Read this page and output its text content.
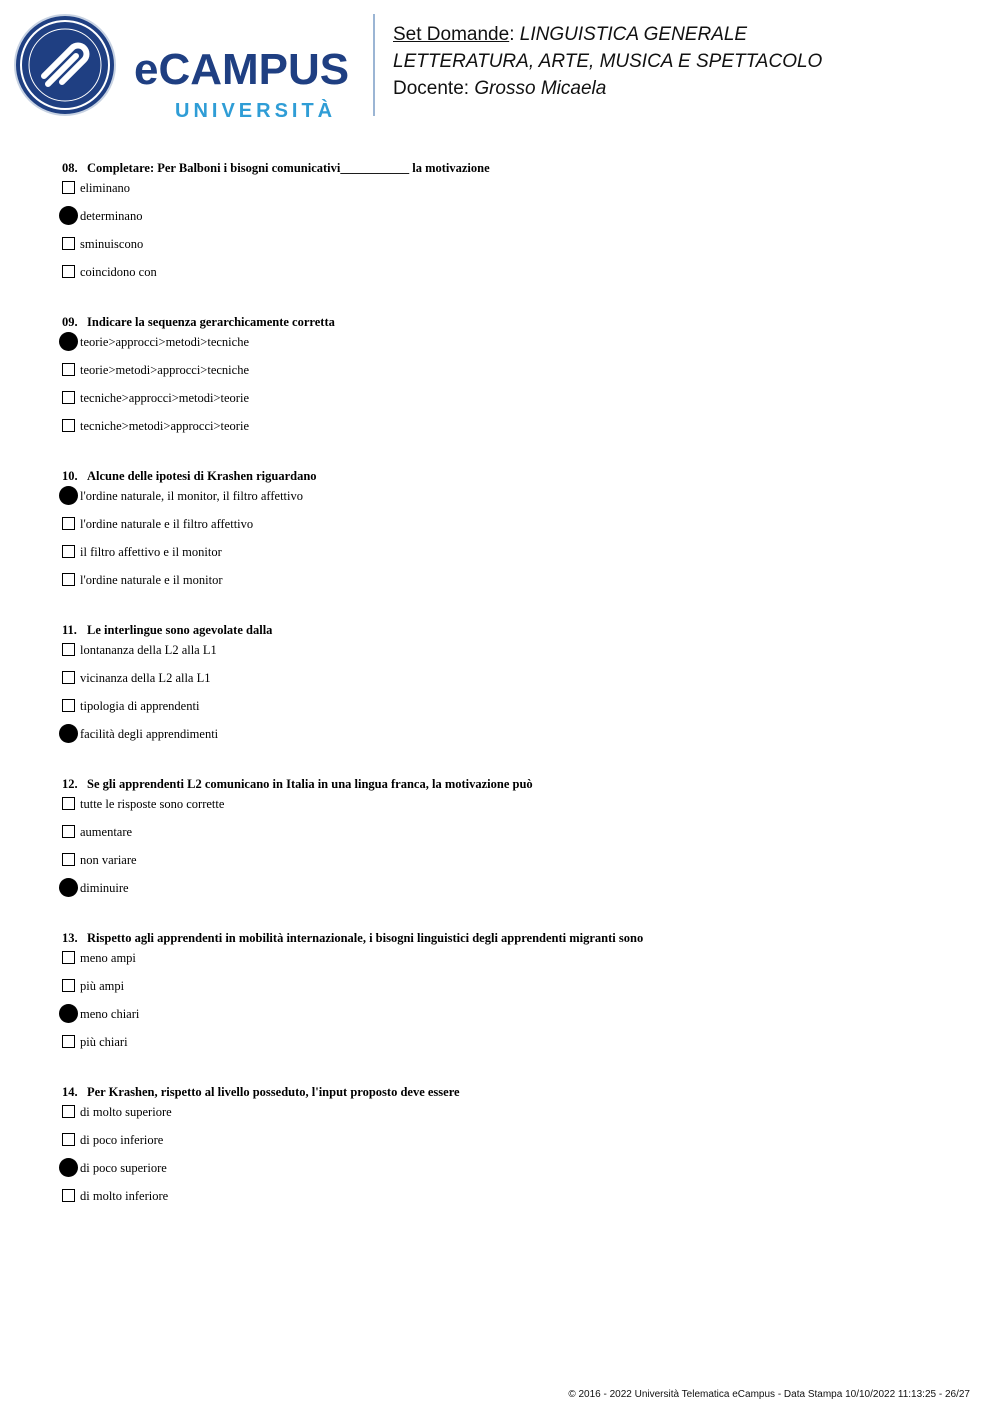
eCAMPUS
UNIVERSITÀ
Set Domande: LINGUISTICA GENERALE
LETTERATURA, ARTE, MUSICA E SPETTACOLO
Docente: Grosso Micaela
08. Completare: Per Balboni i bisogni comunicativi___________ la motivazione
eliminano
determinano
sminuiscono
coincidono con
09. Indicare la sequenza gerarchicamente corretta
teorie>approcci>metodi>tecniche
teorie>metodi>approcci>tecniche
tecniche>approcci>metodi>teorie
tecniche>metodi>approcci>teorie
10. Alcune delle ipotesi di Krashen riguardano
l'ordine naturale, il monitor, il filtro affettivo
l'ordine naturale e il filtro affettivo
il filtro affettivo e il monitor
l'ordine naturale e il monitor
11. Le interlingue sono agevolate dalla
lontananza della L2 alla L1
vicinanza della L2 alla L1
tipologia di apprendenti
facilità degli apprendimenti
12. Se gli apprendenti L2 comunicano in Italia in una lingua franca, la motivazione può
tutte le risposte sono corrette
aumentare
non variare
diminuire
13. Rispetto agli apprendenti in mobilità internazionale, i bisogni linguistici degli apprendenti migranti sono
meno ampi
più ampi
meno chiari
più chiari
14. Per Krashen, rispetto al livello posseduto, l'input proposto deve essere
di molto superiore
di poco inferiore
di poco superiore
di molto inferiore
© 2016 - 2022 Università Telematica eCampus - Data Stampa 10/10/2022 11:13:25 - 26/27
